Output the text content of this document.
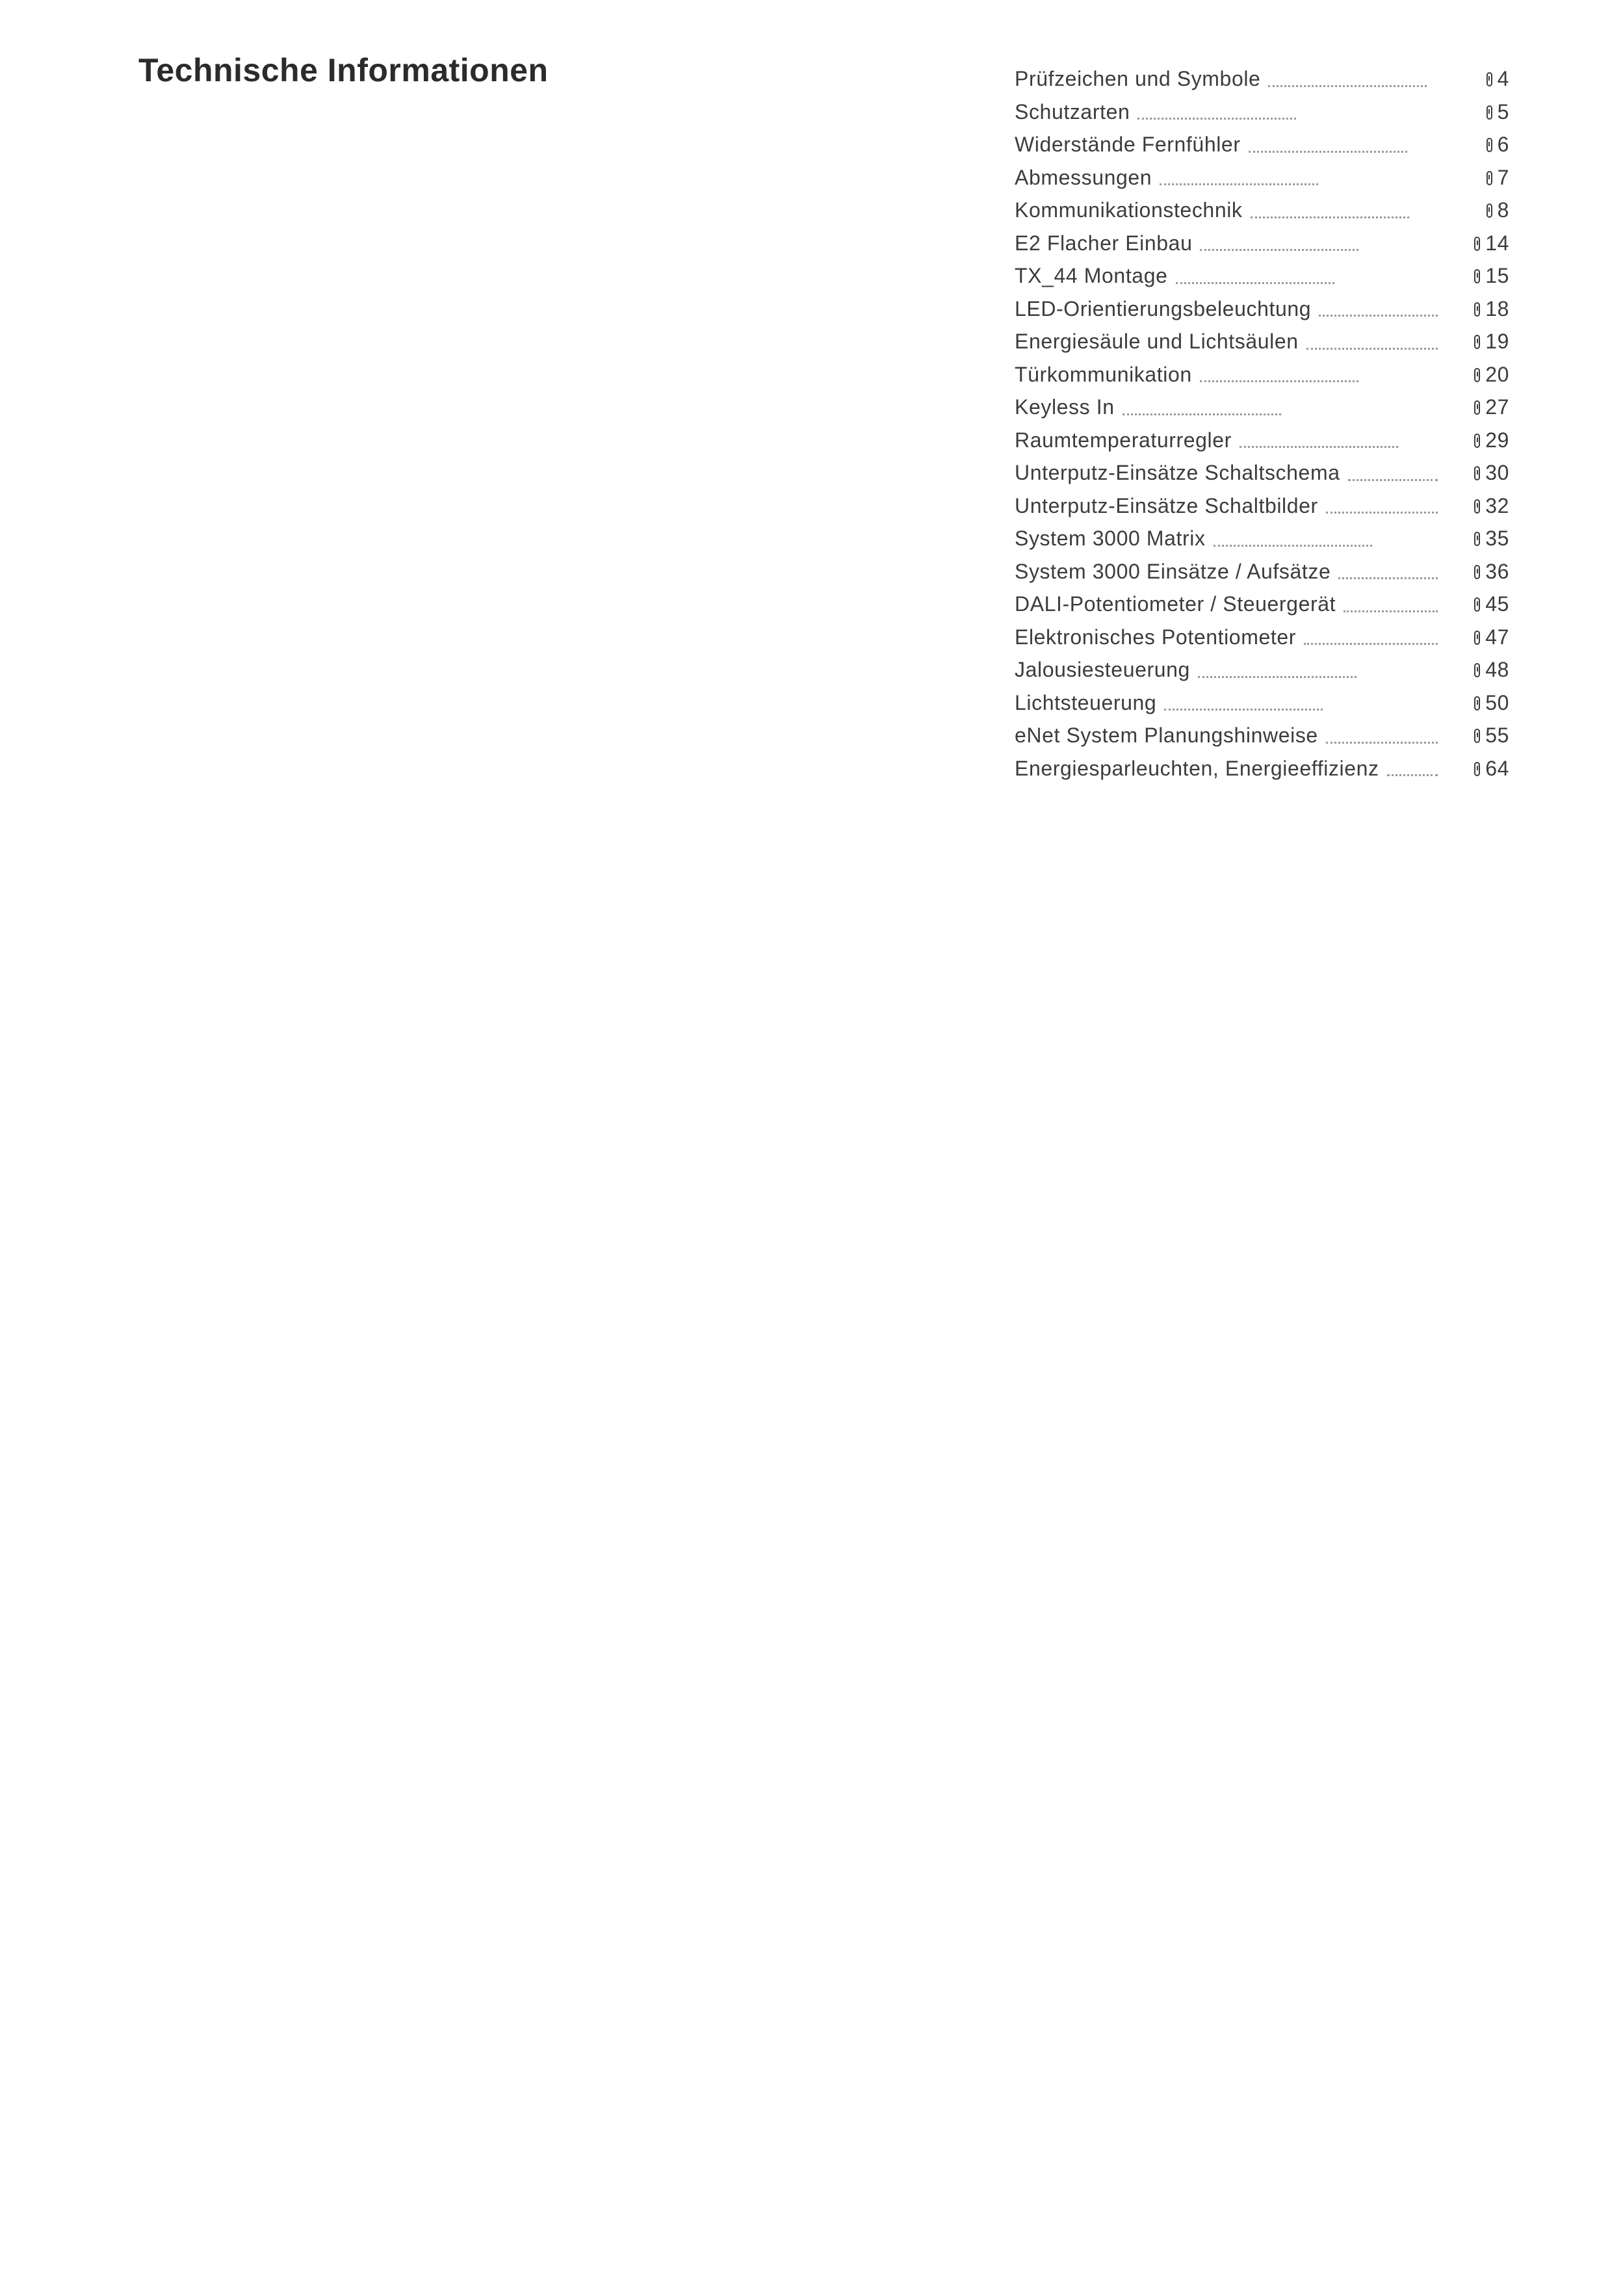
Technische Informationen	Prüfzeichen und Symbole	4
Schutzarten	5
Widerstände Fernfühler	6
Abmessungen	7
Kommunikationstechnik	8
E2 Flacher Einbau	14
TX_44 Montage	15
LED-Orientierungsbeleuchtung	18
Energiesäule und Lichtsäulen	19
Türkommunikation	20
Keyless In	27
Raumtemperaturregler	29
Unterputz-Einsätze Schaltschema	30
Unterputz-Einsätze Schaltbilder	32
System 3000 Matrix	35
System 3000 Einsätze / Aufsätze	36
DALI-Potentiometer / Steuergerät	45
Elektronisches Potentiometer	47
Jalousiesteuerung	48
Lichtsteuerung	50
eNet System Planungshinweise	55
Energiesparleuchten, Energieeffizienz	64
